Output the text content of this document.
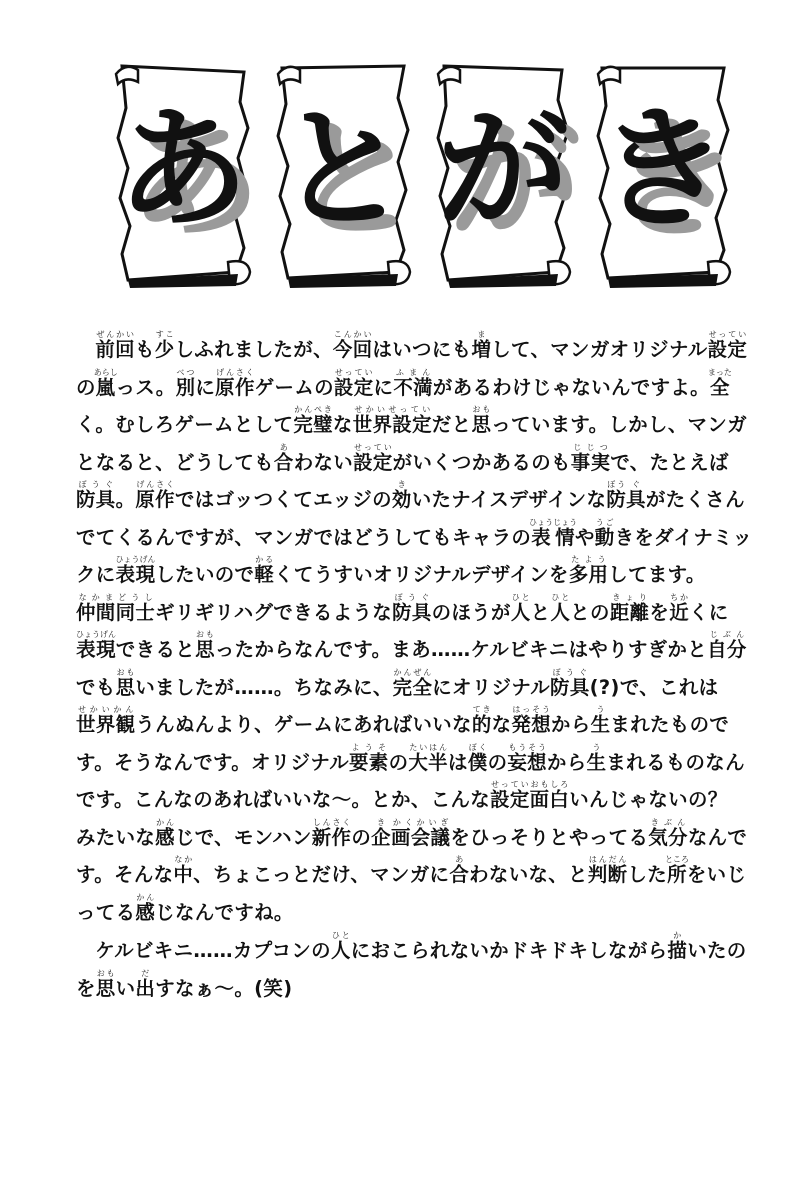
あ と が き

前回ぜんかいも少すこしふれましたが、今回こんかいはいつにも増まして、マンガオリジナル設定せっていの嵐あらしっス。別べつに原作げんさくゲームの設定せっていに不満ふまんがあるわけじゃないんですよ。全まったく。むしろゲームとして完璧かんぺきな世界設定せかいせっていだと思おもっています。しかし、マンガとなると、どうしても合あわない設定せっていがいくつかあるのも事実じじつで、たとえば防具ぼうぐ。原作げんさくではゴッつくてエッジの効きいたナイスデザインな防ぼう具ぐがたくさんでてくるんですが、マンガではどうしてもキャラの表情ひょうじょうや動うごきをダイナミックに表現ひょうげんしたいので軽かるくてうすいオリジナルデザインを多用たようしてます。仲間同士なかまどうしギリギリハグできるような防具ぼうぐのほうが人ひとと人ひととの距離きょりを近ちかくに表現ひょうげんできると思おもったからなんです。まあ……ケルビキニはやりすぎかと自分じぶんでも思おもいましたが……。ちなみに、完全かんぜんにオリジナル防具ぼうぐ(?)で、これは世界観せかいかんうんぬんより、ゲームにあればいいな的てきな発想はっそうから生うまれたものです。そうなんです。オリジナル要素ようその大半たいはんは僕ぼくの妄想もうそうから生うまれるものなんです。こんなのあればいいな～。とか、こんな設定面白せっていおもしろいんじゃないの？　みたいな感かんじで、モンハン新作しんさくの企き画会議かくかいぎをひっそりとやってる気分きぶんなんです。そんな中なか、ちょこっとだけ、マンガに合あわないな、と判断はんだんした所ところをいじってる感かんじなんですね。

ケルビキニ……カプコンの人ひとにおこられないかドキドキしながら描かいたのを思おもい出だすなぁ～。(笑)
